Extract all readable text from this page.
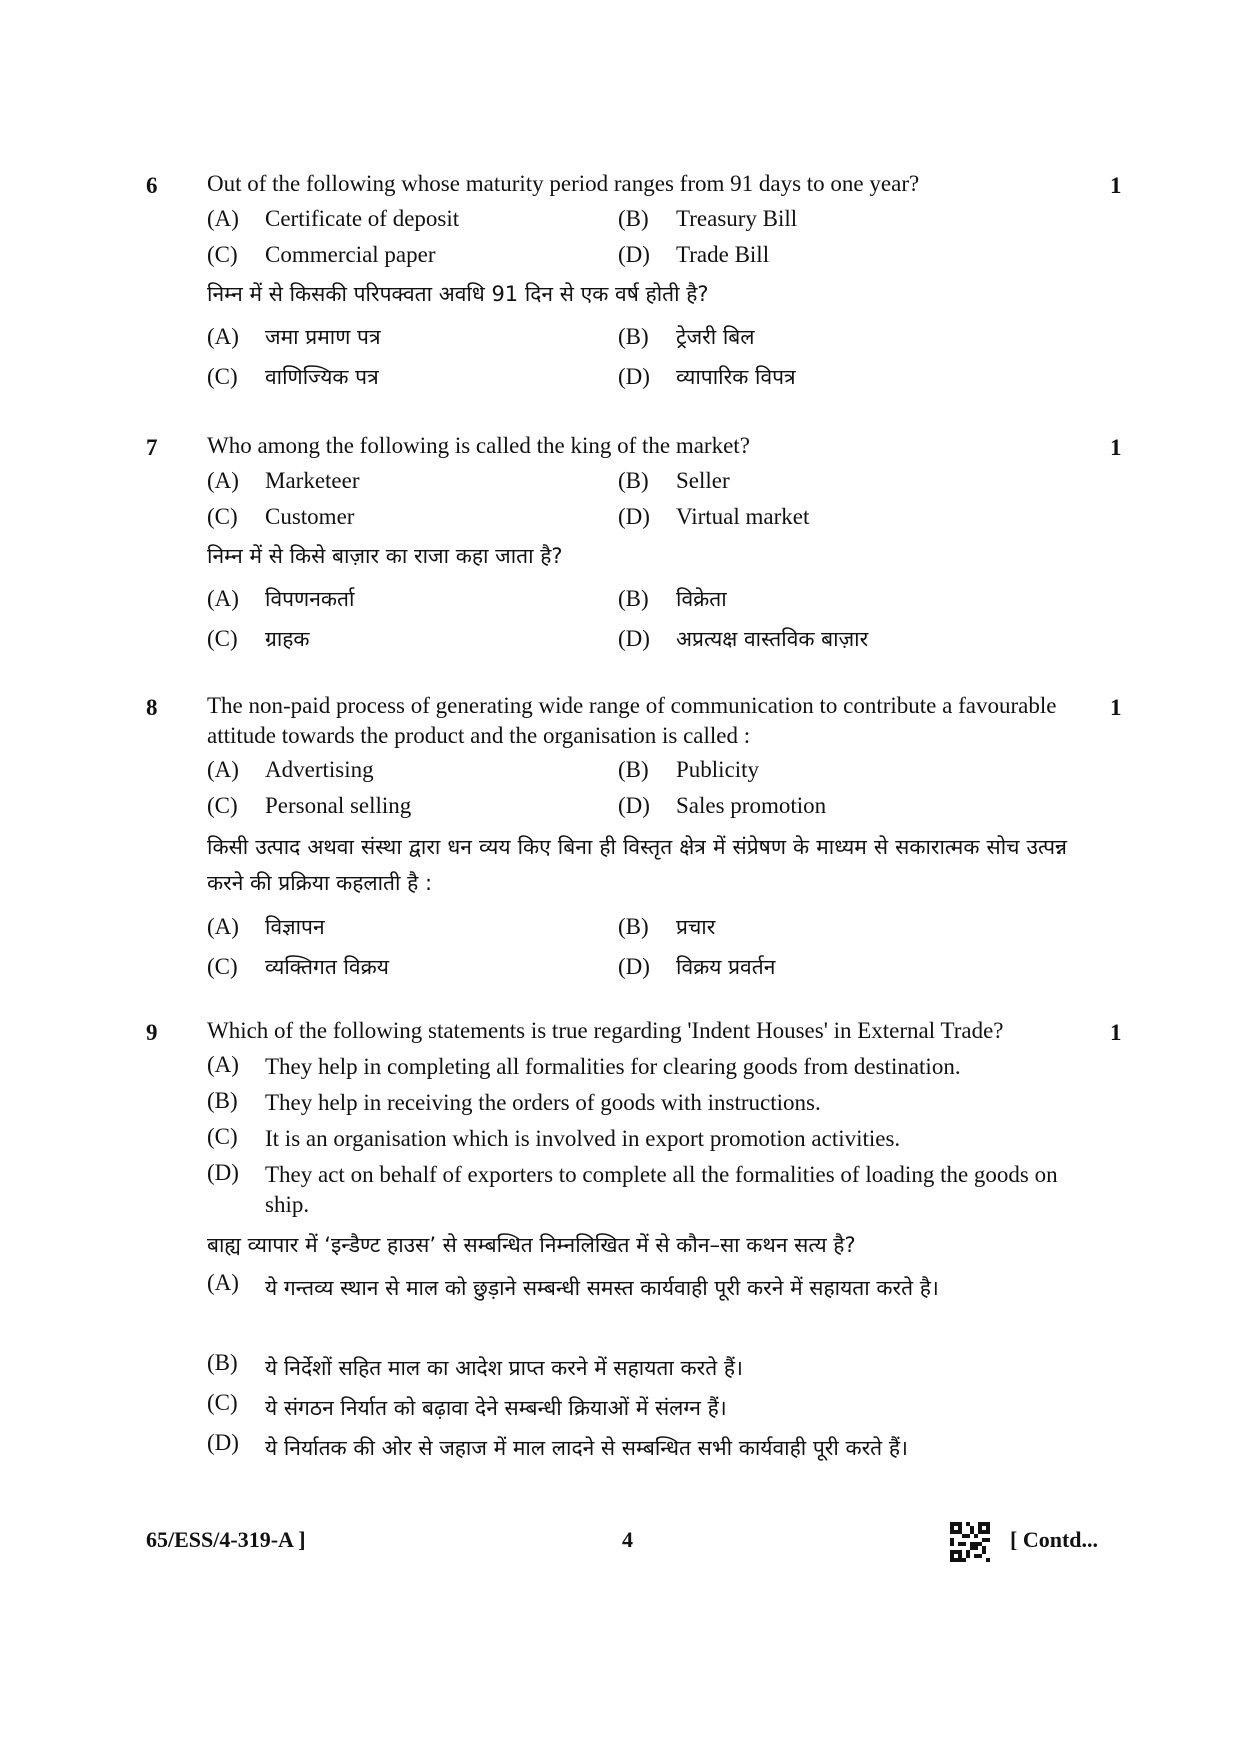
6 Out of the following whose maturity period ranges from 91 days to one year?	1
(A) Certificate of deposit	(B) Treasury Bill
(C) Commercial paper	(D) Trade Bill
निम्न में से किसकी परिपक्वता अवधि 91 दिन से एक वर्ष होती है?
(A) जमा प्रमाण पत्र	(B) ट्रेजरी बिल
(C) वाणिज्यिक पत्र	(D) व्यापारिक विपत्र
7 Who among the following is called the king of the market?	1
(A) Marketeer	(B) Seller
(C) Customer	(D) Virtual market
निम्न में से किसे बाज़ार का राजा कहा जाता है?
(A) विपणनकर्ता	(B) विक्रेता
(C) ग्राहक	(D) अप्रत्यक्ष वास्तविक बाज़ार
8 The non-paid process of generating wide range of communication to contribute a favourable attitude towards the product and the organisation is called :
1
(A) Advertising	(B) Publicity
(C) Personal selling	(D) Sales promotion
किसी उत्पाद अथवा संस्था द्वारा धन व्यय किए बिना ही विस्तृत क्षेत्र में संप्रेषण के माध्यम से सकारात्मक सोच उत्पन्न करने की प्रक्रिया कहलाती है :
(A) विज्ञापन	(B) प्रचार
(C) व्यक्तिगत विक्रय	(D) विक्रय प्रवर्तन
9 Which of the following statements is true regarding 'Indent Houses' in External Trade?	1
(A) They help in completing all formalities for clearing goods from destination.
(B) They help in receiving the orders of goods with instructions.
(C) It is an organisation which is involved in export promotion activities.
(D) They act on behalf of exporters to complete all the formalities of loading the goods on ship.
बाह्य व्यापार में ‘इन्डैण्ट हाउस’ से सम्बन्धित निम्नलिखित में से कौन–सा कथन सत्य है?
(A) ये गन्तव्य स्थान से माल को छुड़ाने सम्बन्धी समस्त कार्यवाही पूरी करने में सहायता करते है।
(B) ये निर्देशों सहित माल का आदेश प्राप्त करने में सहायता करते हैं।
(C) ये संगठन निर्यात को बढ़ावा देने सम्बन्धी क्रियाओं में संलग्न हैं।
(D) ये निर्यातक की ओर से जहाज में माल लादने से सम्बन्धित सभी कार्यवाही पूरी करते हैं।
65/ESS/4-319-A ]	4	[ Contd...
